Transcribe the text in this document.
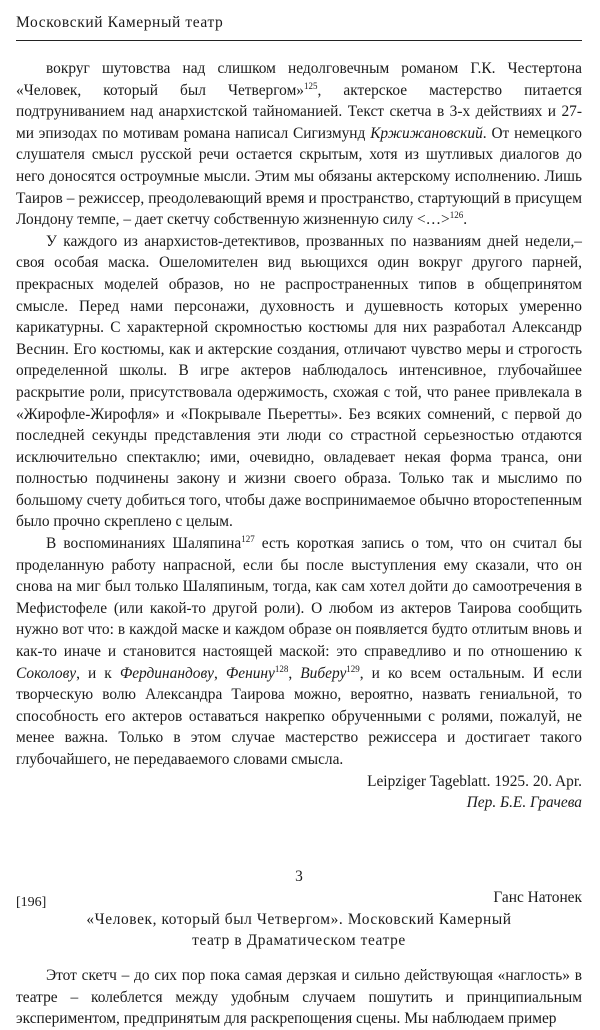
Московский Камерный театр

вокруг шутовства над слишком недолговечным романом Г.К. Честертона «Человек, который был Четвергом»$^{125}$, актерское мастерство питается подтруниванием над анархистской тайноманией. Текст скетча в 3-х действиях и 27-ми эпизодах по мотивам романа написал Сигизмунд Кржижановский. От немецкого слушателя смысл русской речи остается скрытым, хотя из шутливых диалогов до него доносятся остроумные мысли. Этим мы обязаны актерскому исполнению. Лишь Таиров – режиссер, преодолевающий время и пространство, стартующий в присущем Лондону темпе, – дает скетчу собственную жизненную силу <…>$^{126}$.

У каждого из анархистов-детективов, прозванных по названиям дней недели,– своя особая маска. Ошеломителен вид вьющихся один вокруг другого парней, прекрасных моделей образов, но не распространенных типов в общепринятом смысле. Перед нами персонажи, духовность и душевность которых умеренно карикатурны. С характерной скромностью костюмы для них разработал Александр Веснин. Его костюмы, как и актерские создания, отличают чувство меры и строгость определенной школы. В игре актеров наблюдалось интенсивное, глубочайшее раскрытие роли, присутствовала одержимость, схожая с той, что ранее привлекала в «Жирофле-Жирофля» и «Покрывале Пьеретты». Без всяких сомнений, с первой до последней секунды представления эти люди со страстной серьезностью отдаются исключительно спектаклю; ими, очевидно, овладевает некая форма транса, они полностью подчинены закону и жизни своего образа. Только так и мыслимо по большому счету добиться того, чтобы даже воспринимаемое обычно второстепенным было прочно скреплено с целым.

В воспоминаниях Шаляпина$^{127}$ есть короткая запись о том, что он считал бы проделанную работу напрасной, если бы после выступления ему сказали, что он снова на миг был только Шаляпиным, тогда, как сам хотел дойти до самоотречения в Мефистофеле (или какой-то другой роли). О любом из актеров Таирова сообщить нужно вот что: в каждой маске и каждом образе он появляется будто отлитым вновь и как-то иначе и становится настоящей маской: это справедливо и по отношению к Соколову, и к Фердинандову, Фенину$^{128}$, Виберу$^{129}$, и ко всем остальным. И если творческую волю Александра Таирова можно, вероятно, назвать гениальной, то способность его актеров оставаться накрепко обрученными с ролями, пожалуй, не менее важна. Только в этом случае мастерство режиссера и достигает такого глубочайшего, не передаваемого словами смысла.

Leipziger Tageblatt. 1925. 20. Apr.

Пер. Б.Е. Грачева

3

Ганс Натонек

«Человек, который был Четвергом». Московский Камерный

театр в Драматическом театре

Этот скетч – до сих пор пока самая дерзкая и сильно действующая «наглость» в театре – колеблется между удобным случаем пошутить и принципиальным экспериментом, предпринятым для раскрепощения сцены. Мы наблюдаем пример

[196]
